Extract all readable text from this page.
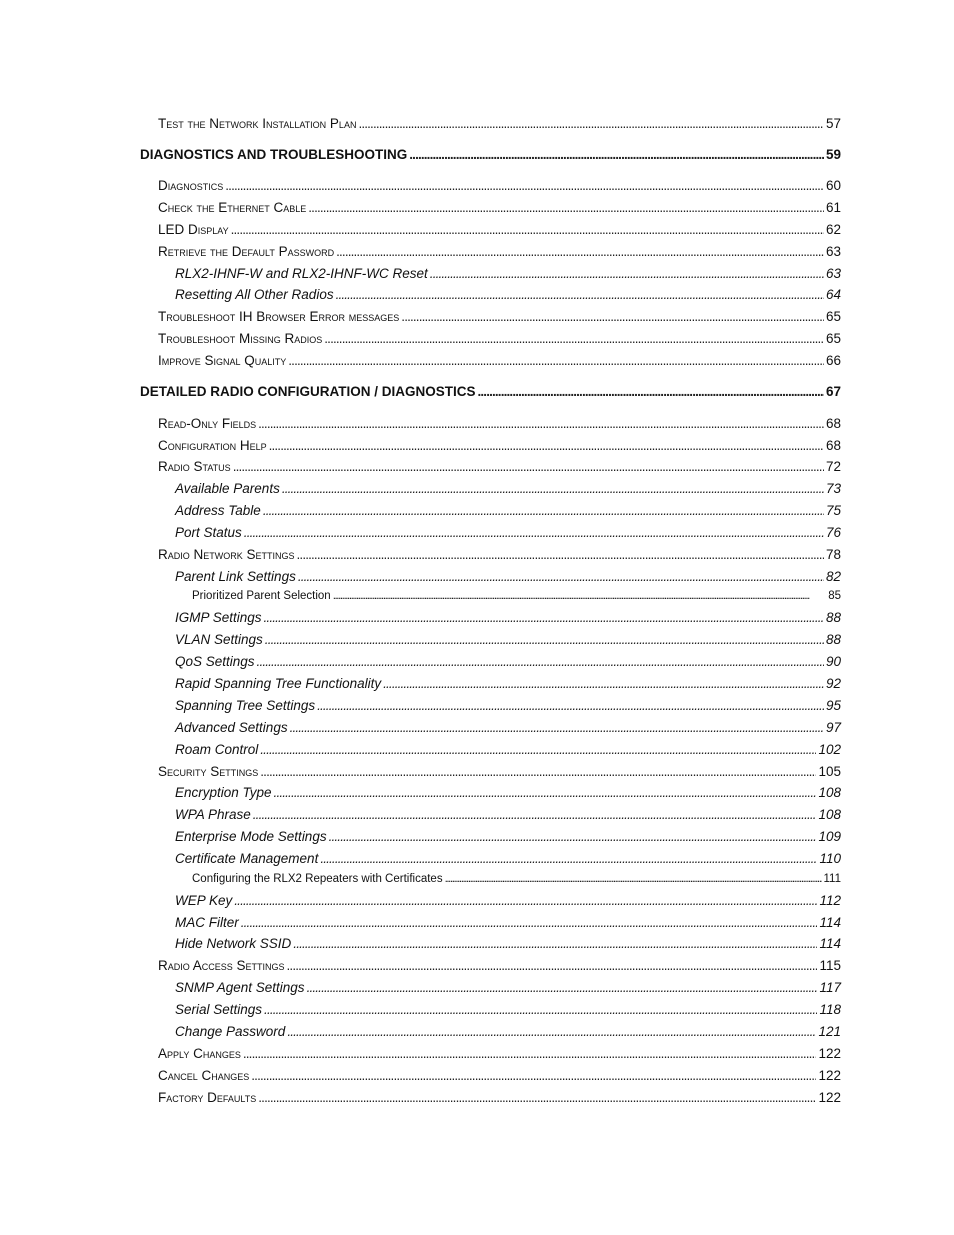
Test the Network Installation Plan . . .	57
DIAGNOSTICS AND TROUBLESHOOTING . . .	59
Diagnostics . . .	60
Check the Ethernet Cable . . .	61
LED Display . . .	62
Retrieve the Default Password . . .	63
RLX2-IHNF-W and RLX2-IHNF-WC Reset . . .	63
Resetting All Other Radios . . .	64
Troubleshoot IH Browser Error messages . . .	65
Troubleshoot Missing Radios . . .	65
Improve Signal Quality . . .	66
DETAILED RADIO CONFIGURATION / DIAGNOSTICS . . .	67
Read-Only Fields . . .	68
Configuration Help . . .	68
Radio Status . . .	72
Available Parents . . .	73
Address Table . . .	75
Port Status . . .	76
Radio Network Settings . . .	78
Parent Link Settings . . .	82
Prioritized Parent Selection . . .	85
IGMP Settings . . .	88
VLAN Settings . . .	88
QoS Settings . . .	90
Rapid Spanning Tree Functionality . . .	92
Spanning Tree Settings . . .	95
Advanced Settings . . .	97
Roam Control . . .	102
Security Settings . . .	105
Encryption Type . . .	108
WPA Phrase . . .	108
Enterprise Mode Settings . . .	109
Certificate Management . . .	110
Configuring the RLX2 Repeaters with Certificates . . .	111
WEP Key . . .	112
MAC Filter . . .	114
Hide Network SSID . . .	114
Radio Access Settings . . .	115
SNMP Agent Settings . . .	117
Serial Settings . . .	118
Change Password . . .	121
Apply Changes . . .	122
Cancel Changes . . .	122
Factory Defaults . . .	122
